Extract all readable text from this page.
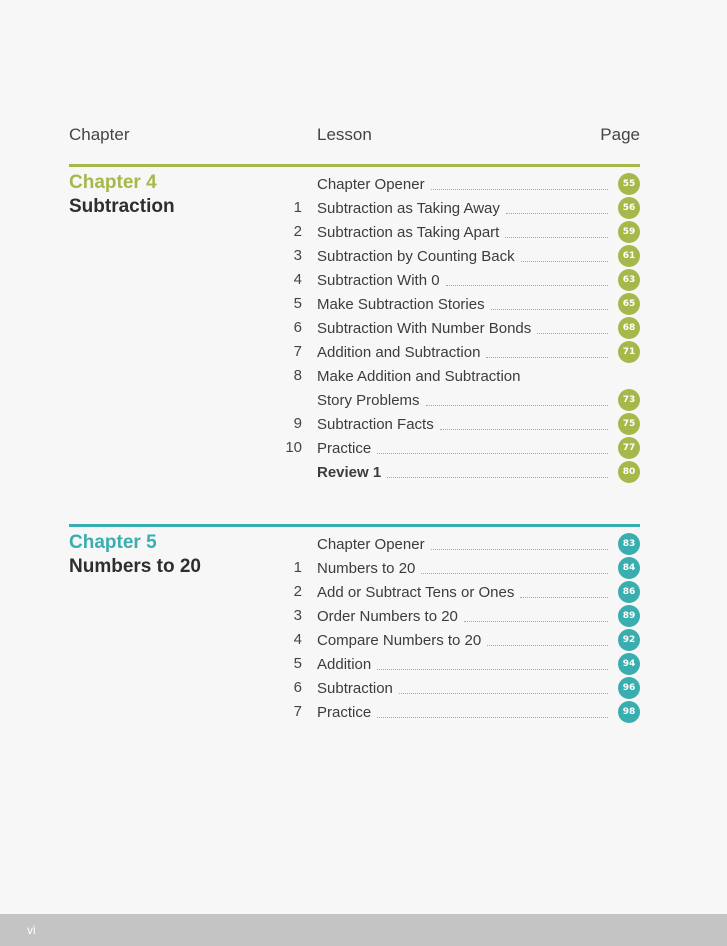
Chapter	Lesson	Page
Chapter 4
Subtraction
Chapter Opener	55
1 Subtraction as Taking Away	56
2 Subtraction as Taking Apart	59
3 Subtraction by Counting Back	61
4 Subtraction With 0	63
5 Make Subtraction Stories	65
6 Subtraction With Number Bonds	68
7 Addition and Subtraction	71
8 Make Addition and Subtraction
Story Problems	73
9 Subtraction Facts	75
10 Practice	77
Review 1	80
Chapter 5
Numbers to 20
Chapter Opener	83
1 Numbers to 20	84
2 Add or Subtract Tens or Ones	86
3 Order Numbers to 20	89
4 Compare Numbers to 20	92
5 Addition	94
6 Subtraction	96
7 Practice	98
vi
